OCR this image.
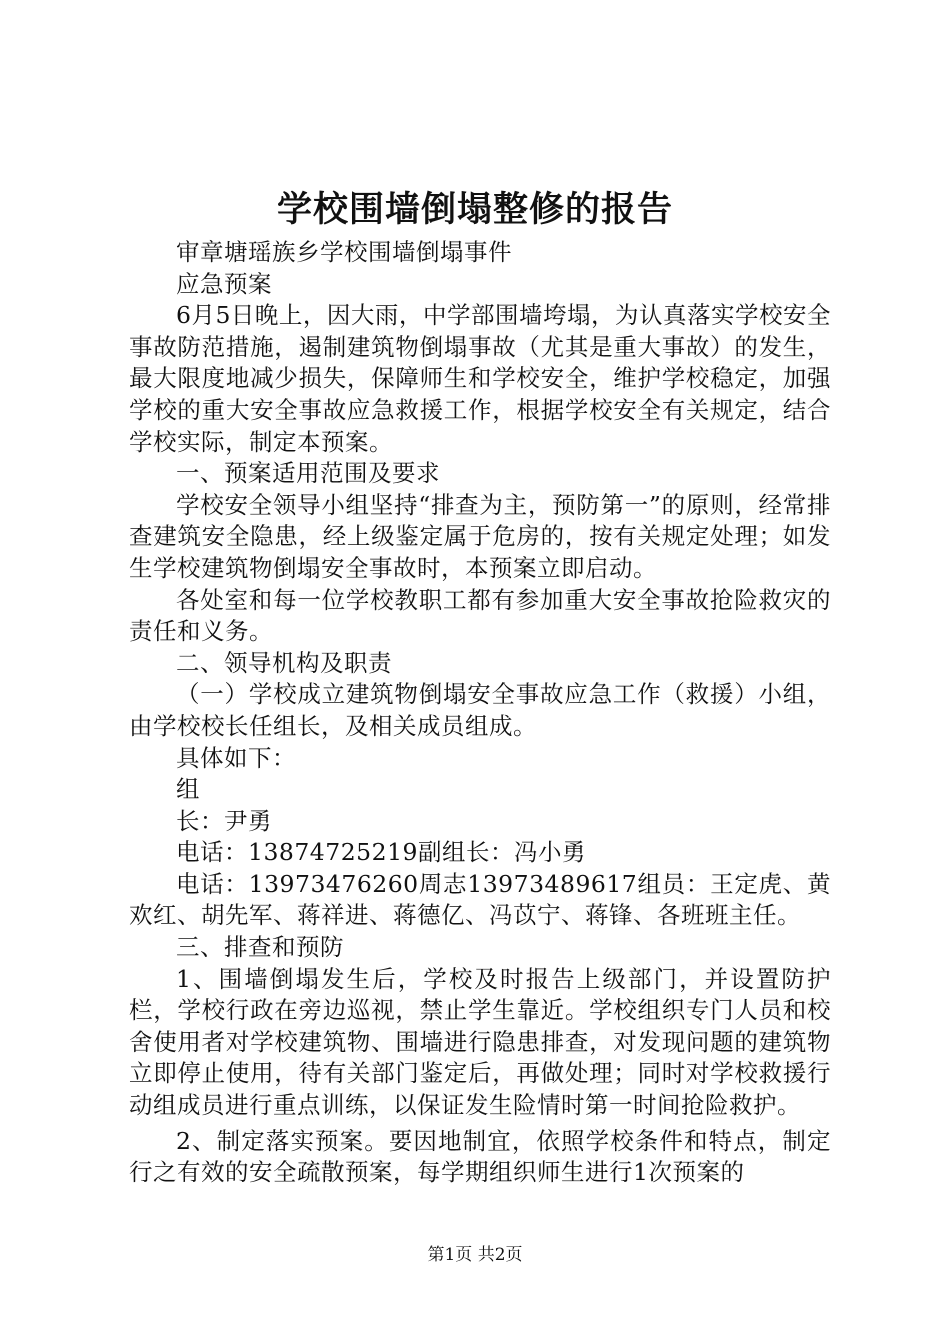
学校围墙倒塌整修的报告

审章塘瑶族乡学校围墙倒塌事件

应急预案

6月5日晚上，因大雨，中学部围墙垮塌，为认真落实学校安全事故防范措施，遏制建筑物倒塌事故（尤其是重大事故）的发生，最大限度地减少损失，保障师生和学校安全，维护学校稳定，加强学校的重大安全事故应急救援工作，根据学校安全有关规定，结合学校实际，制定本预案。

一、预案适用范围及要求

学校安全领导小组坚持“排查为主，预防第一”的原则，经常排查建筑安全隐患，经上级鉴定属于危房的，按有关规定处理；如发生学校建筑物倒塌安全事故时，本预案立即启动。

各处室和每一位学校教职工都有参加重大安全事故抢险救灾的责任和义务。

二、领导机构及职责

（一）学校成立建筑物倒塌安全事故应急工作（救援）小组，由学校校长任组长，及相关成员组成。

具体如下：

组

长：尹勇

电话：13874725219副组长：冯小勇

电话：13973476260周志13973489617组员：王定虎、黄欢红、胡先军、蒋祥进、蒋德亿、冯苡宁、蒋锋、各班班主任。

三、排查和预防

1、围墙倒塌发生后，学校及时报告上级部门，并设置防护栏，学校行政在旁边巡视，禁止学生靠近。学校组织专门人员和校舍使用者对学校建筑物、围墙进行隐患排查，对发现问题的建筑物立即停止使用，待有关部门鉴定后，再做处理；同时对学校救援行动组成员进行重点训练，以保证发生险情时第一时间抢险救护。

2、制定落实预案。要因地制宜，依照学校条件和特点，制定行之有效的安全疏散预案，每学期组织师生进行1次预案的

第1页 共2页
